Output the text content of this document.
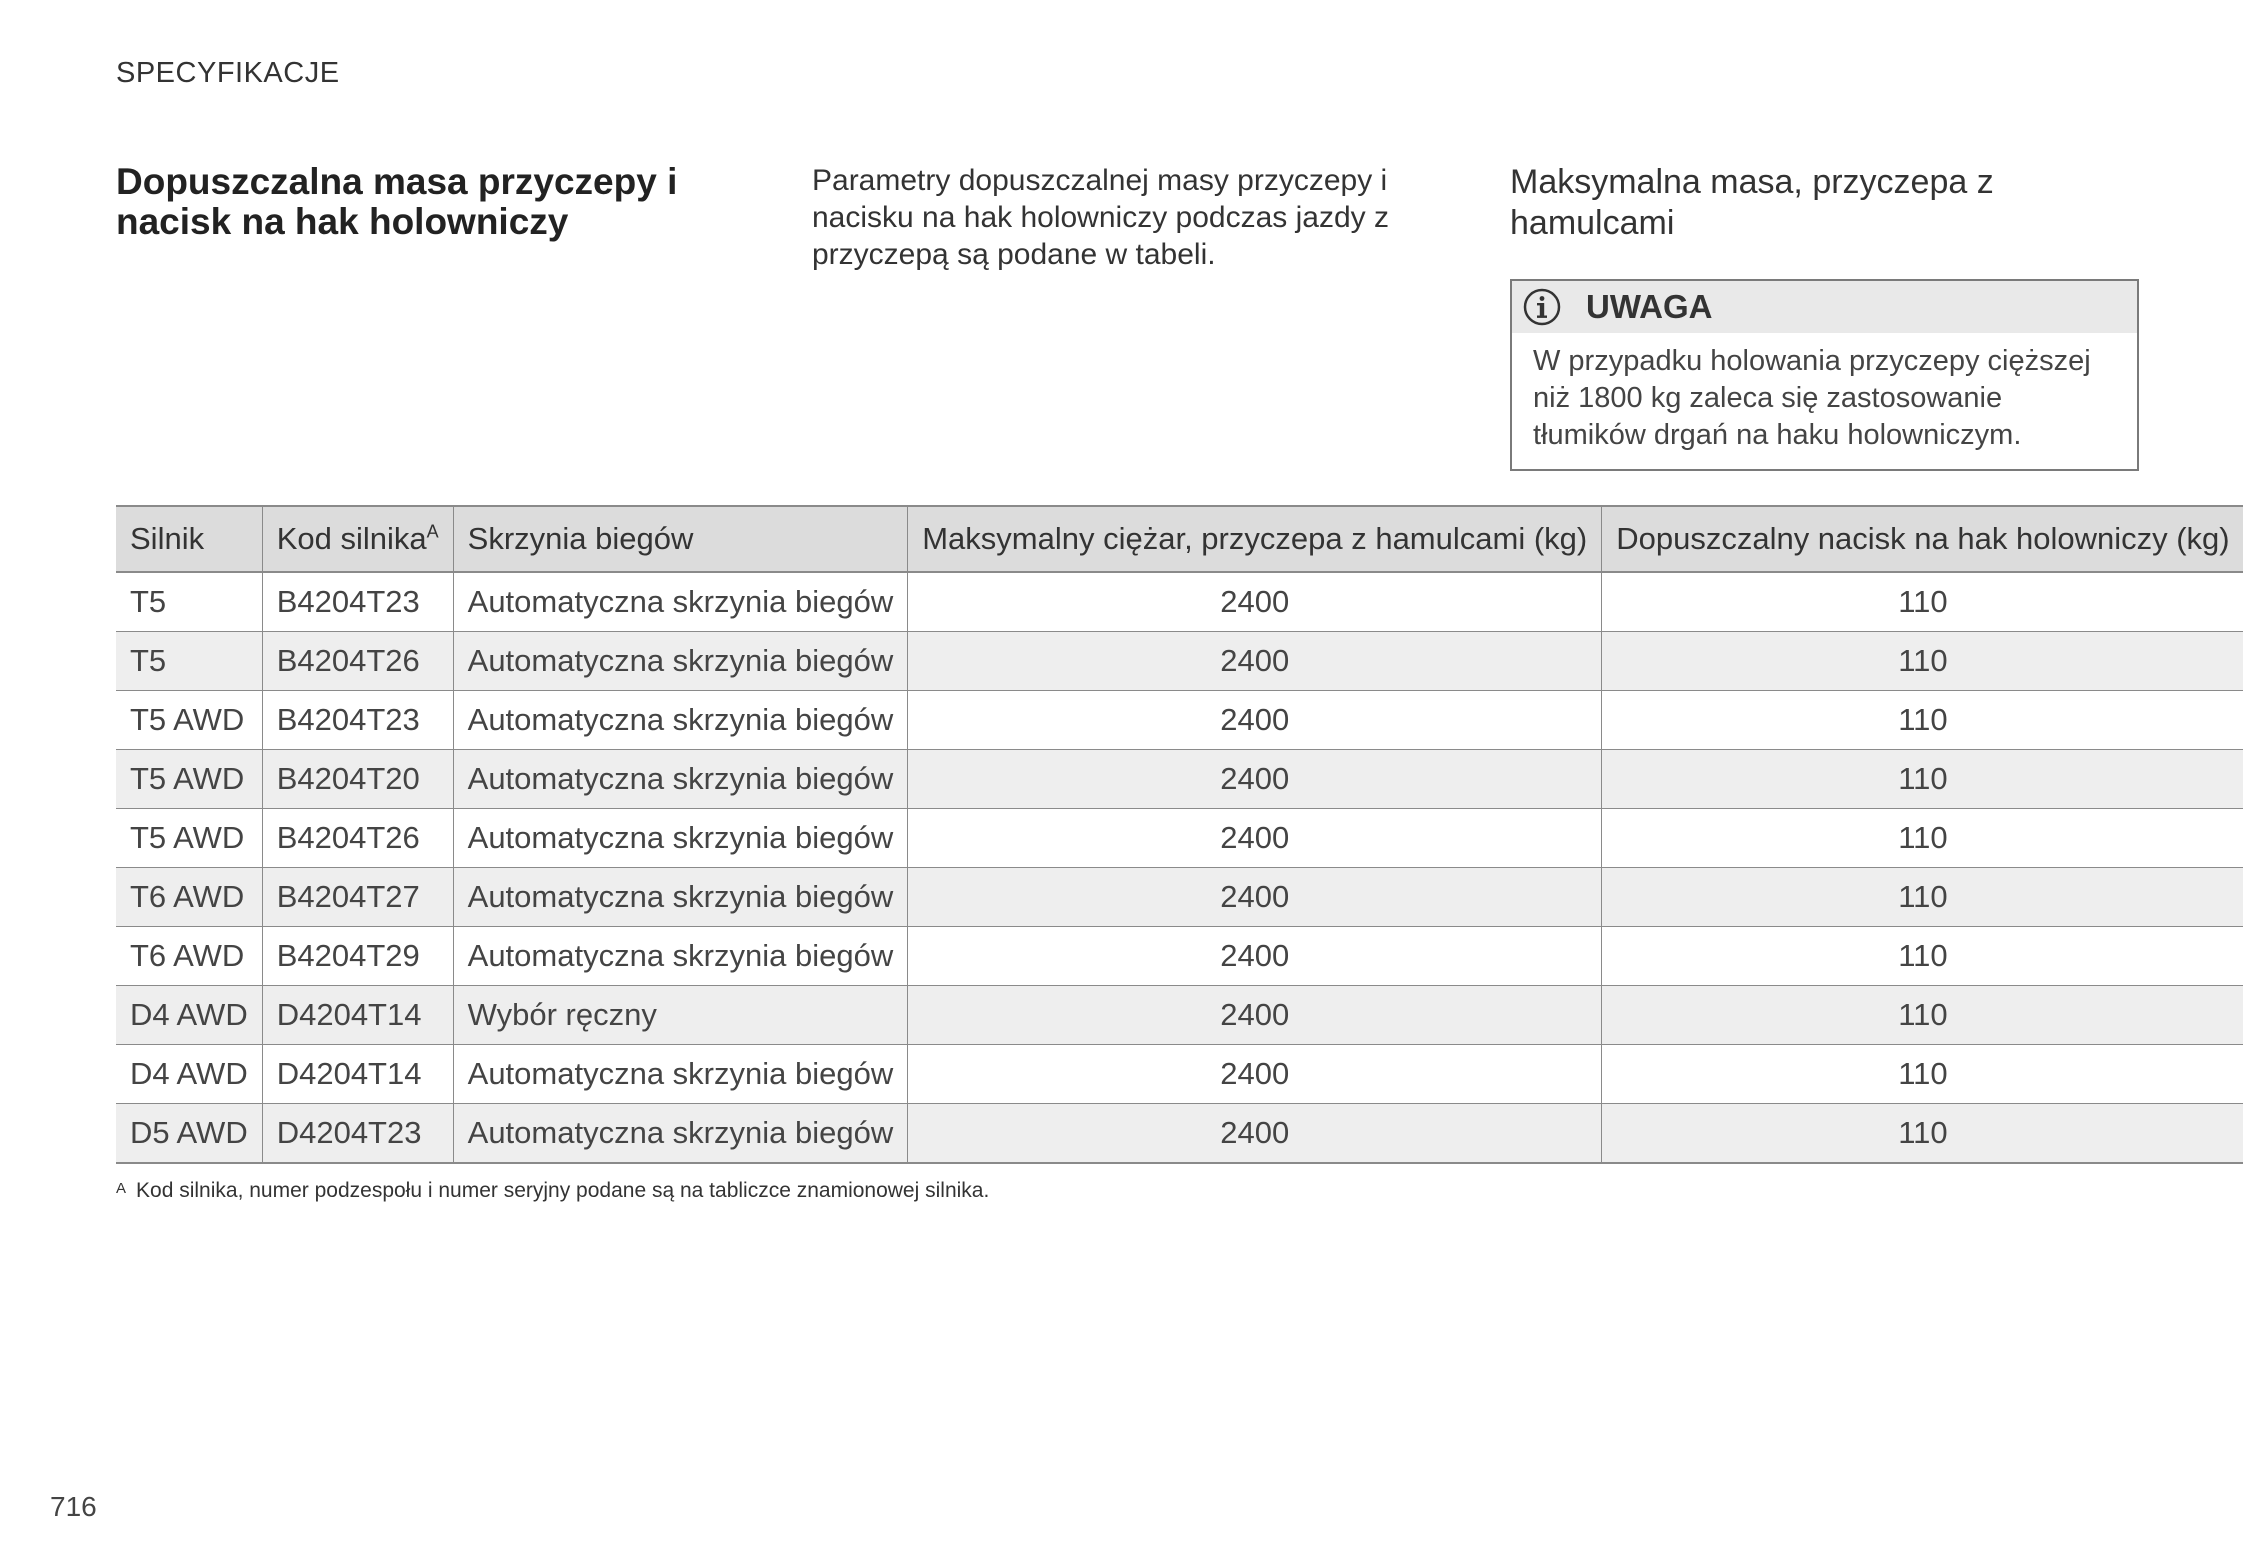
SPECYFIKACJE
Dopuszczalna masa przyczepy i nacisk na hak holowniczy
Parametry dopuszczalnej masy przyczepy i nacisku na hak holowniczy podczas jazdy z przyczepą są podane w tabeli.
Maksymalna masa, przyczepa z hamulcami
UWAGA
W przypadku holowania przyczepy cięższej niż 1800 kg zaleca się zastosowanie tłumików drgań na haku holowniczym.
Silnik	Kod silnika$^A$	Skrzynia biegów	Maksymalny ciężar, przyczepa z hamulcami (kg)	Dopuszczalny nacisk na hak holowniczy (kg)
T5	B4204T23	Automatyczna skrzynia biegów	2400	110
T5	B4204T26	Automatyczna skrzynia biegów	2400	110
T5 AWD	B4204T23	Automatyczna skrzynia biegów	2400	110
T5 AWD	B4204T20	Automatyczna skrzynia biegów	2400	110
T5 AWD	B4204T26	Automatyczna skrzynia biegów	2400	110
T6 AWD	B4204T27	Automatyczna skrzynia biegów	2400	110
T6 AWD	B4204T29	Automatyczna skrzynia biegów	2400	110
D4 AWD	D4204T14	Wybór ręczny	2400	110
D4 AWD	D4204T14	Automatyczna skrzynia biegów	2400	110
D5 AWD	D4204T23	Automatyczna skrzynia biegów	2400	110
A Kod silnika, numer podzespołu i numer seryjny podane są na tabliczce znamionowej silnika.
716
